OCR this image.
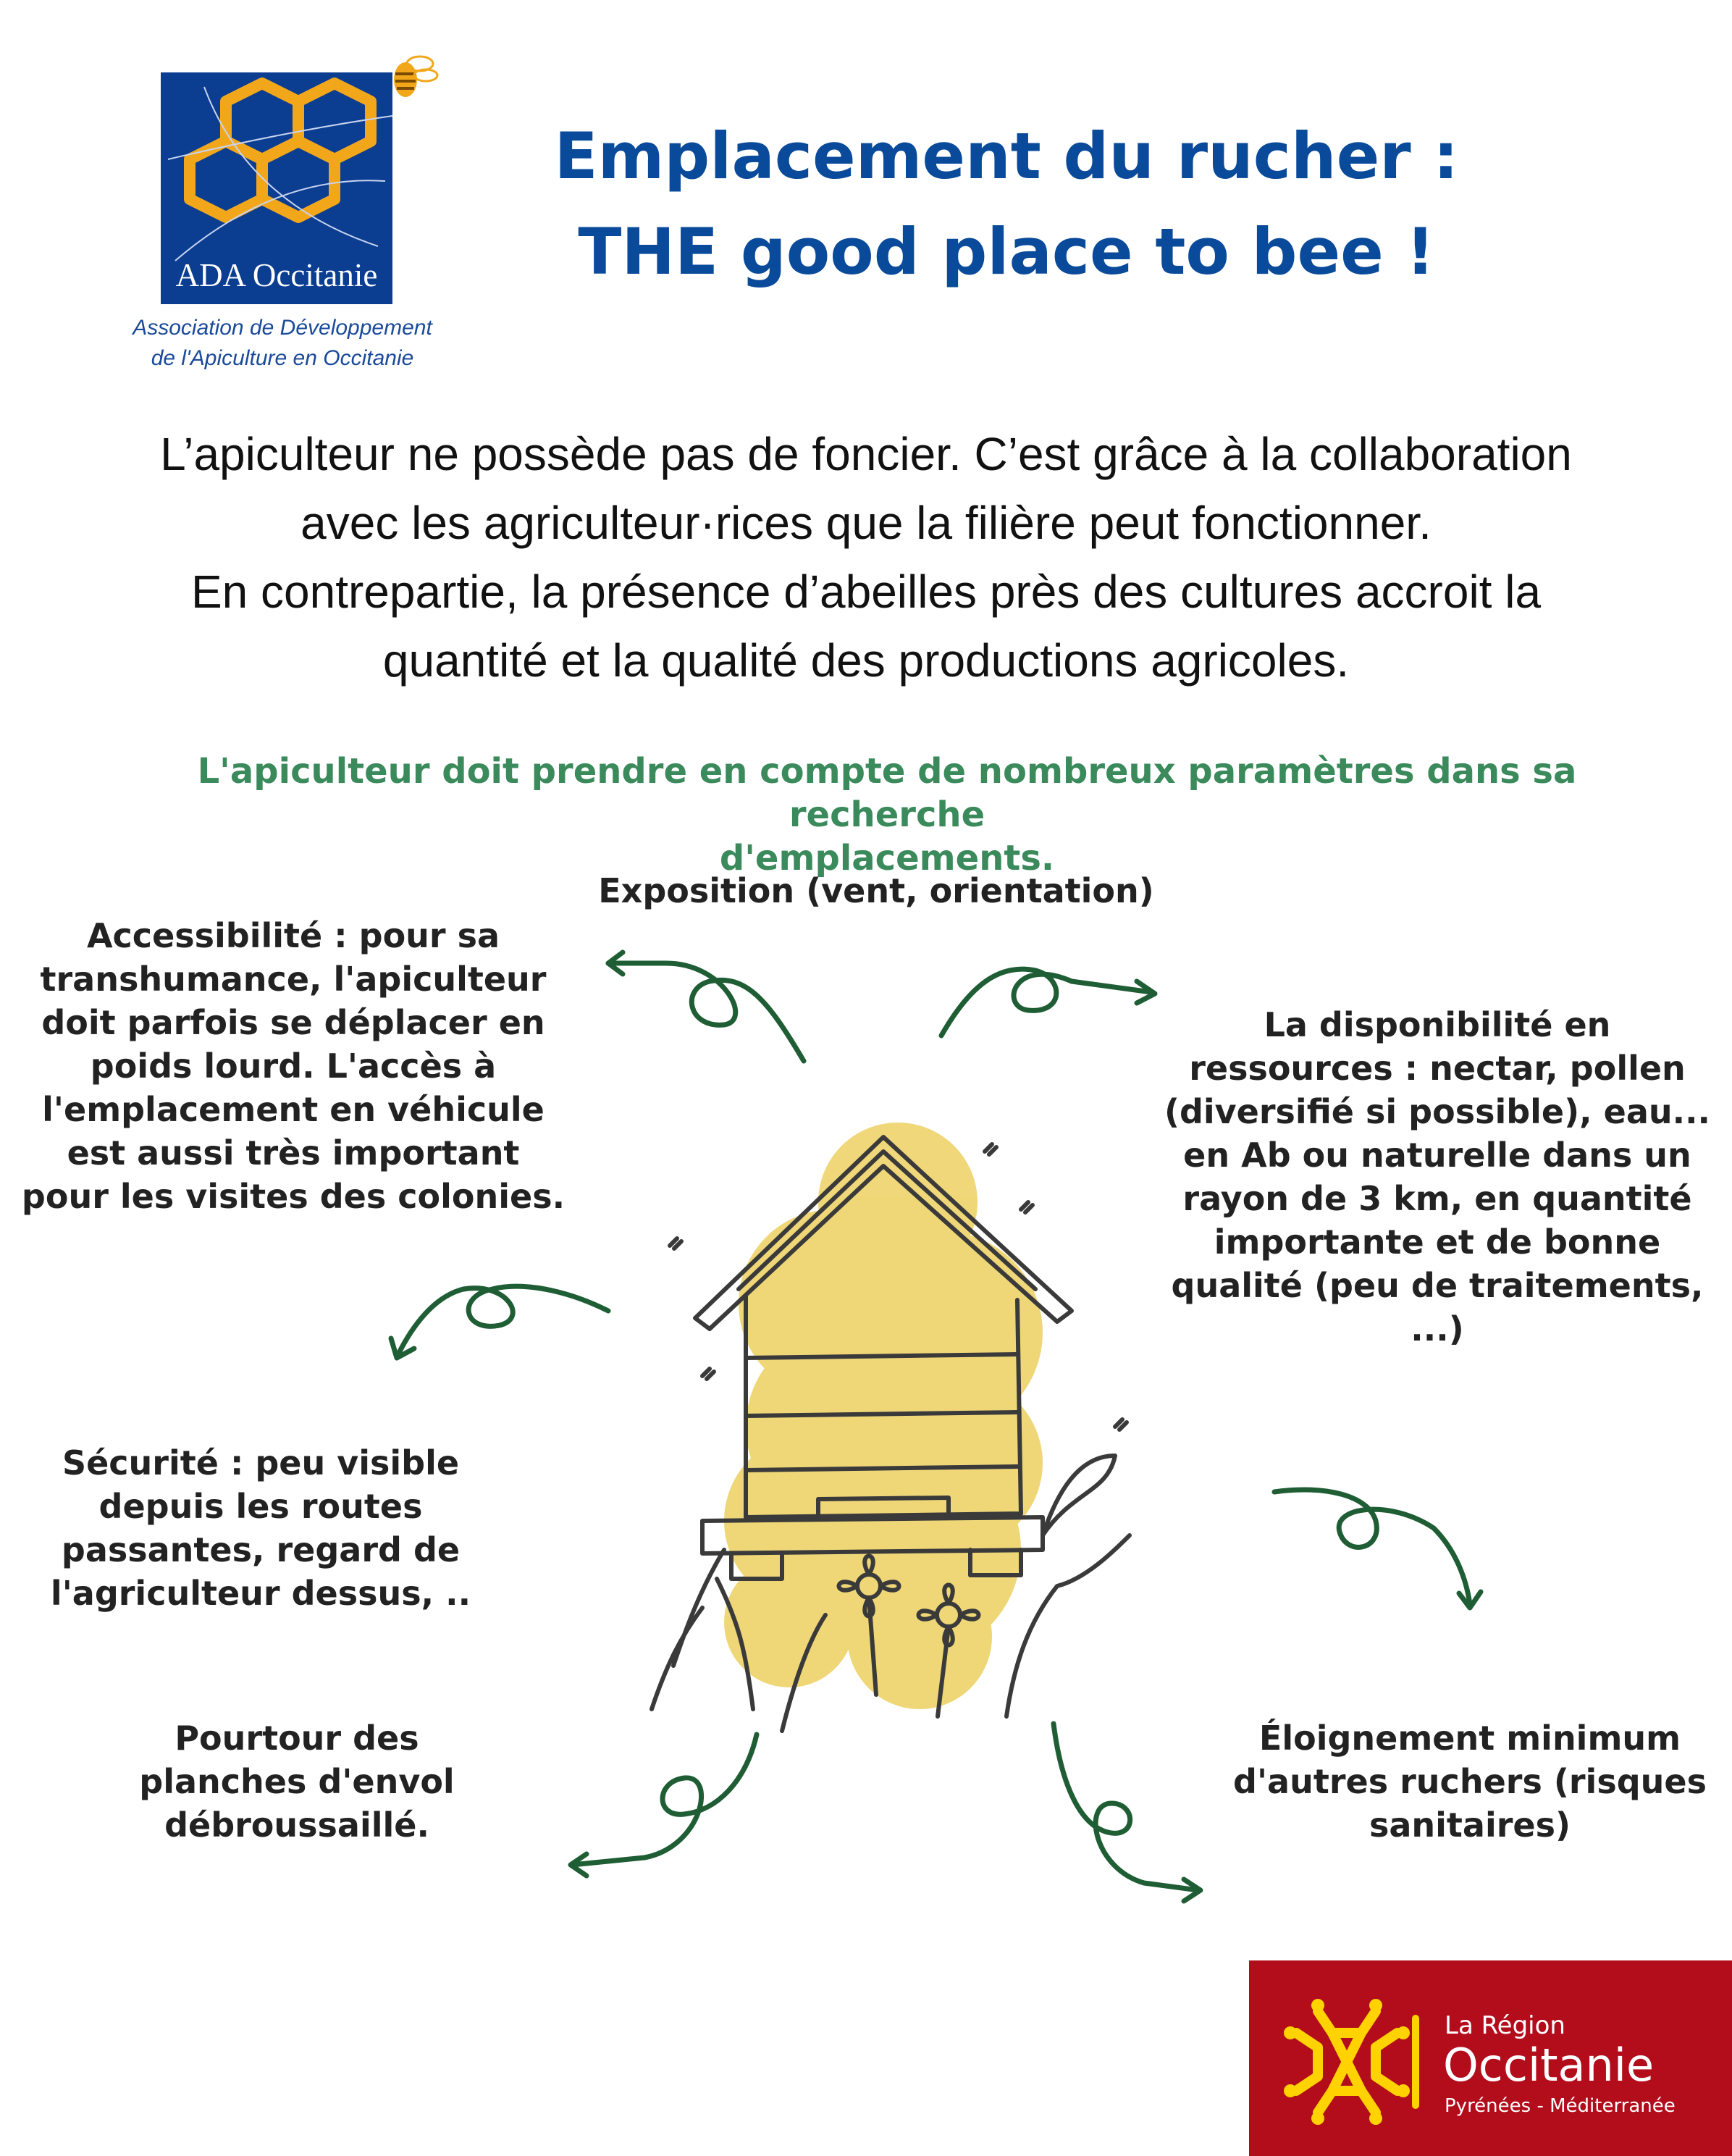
ADA Occitanie
Association de Développement
de l'Apiculture en Occitanie
Emplacement du rucher :
THE good place to bee !
L’apiculteur ne possède pas de foncier. C’est grâce à la collaboration
avec les agriculteur·rices que la filière peut fonctionner.
En contrepartie, la présence d’abeilles près des cultures accroit la
quantité et la qualité des productions agricoles.
L'apiculteur doit prendre en compte de nombreux paramètres dans sa recherche
d'emplacements.
Exposition (vent, orientation)
Accessibilité : pour sa
transhumance, l'apiculteur
doit parfois se déplacer en
poids lourd. L'accès à
l'emplacement en véhicule
est aussi très important
pour les visites des colonies.
La disponibilité en
ressources : nectar, pollen
(diversifié si possible), eau...
en Ab ou naturelle dans un
rayon de 3 km, en quantité
importante et de bonne
qualité (peu de traitements,
...)
Sécurité : peu visible
depuis les routes
passantes, regard de
l'agriculteur dessus, ..
Pourtour des
planches d'envol
débroussaillé.
Éloignement minimum
d'autres ruchers (risques
sanitaires)
La Région
Occitanie
Pyrénées - Méditerranée
